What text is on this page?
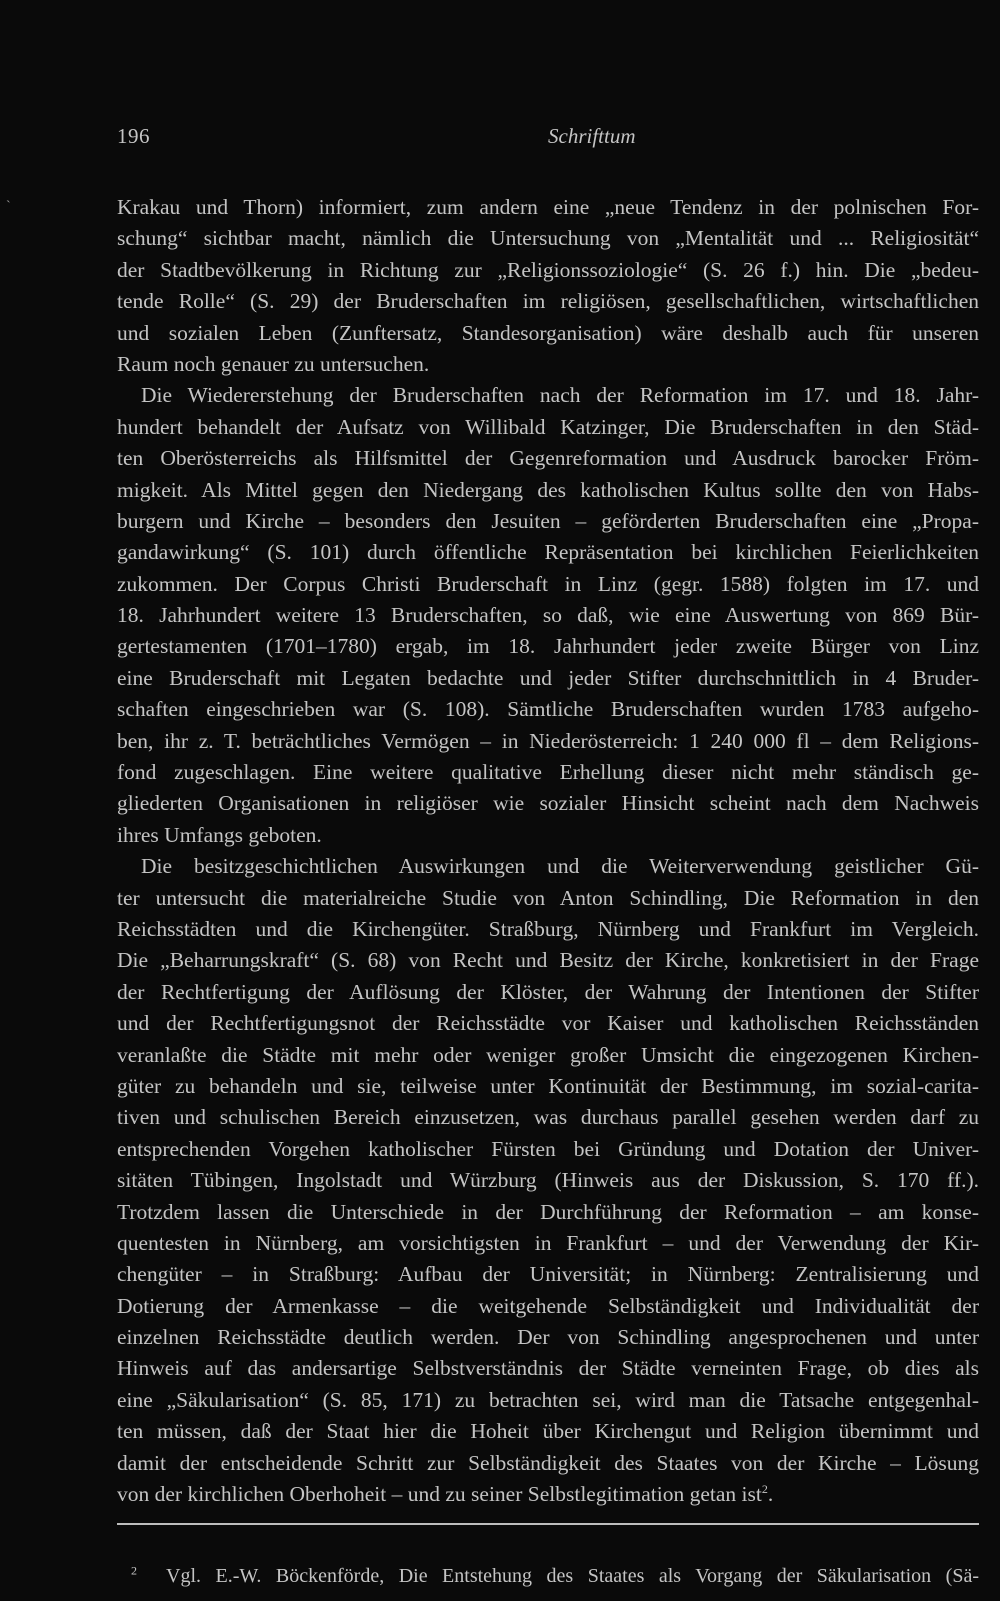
196	Schrifttum
`	Krakau und Thorn) informiert, zum andern eine „neue Tendenz in der polnischen For-
schung“ sichtbar macht, nämlich die Untersuchung von „Mentalität und ... Religiosität“
der Stadtbevölkerung in Richtung zur „Religionssoziologie“ (S. 26 f.) hin. Die „bedeu-
tende Rolle“ (S. 29) der Bruderschaften im religiösen, gesellschaftlichen, wirtschaftlichen
und sozialen Leben (Zunftersatz, Standesorganisation) wäre deshalb auch für unseren
Raum noch genauer zu untersuchen.
Die Wiedererstehung der Bruderschaften nach der Reformation im 17. und 18. Jahr-
hundert behandelt der Aufsatz von Willibald Katzinger, Die Bruderschaften in den Städ-
ten Oberösterreichs als Hilfsmittel der Gegenreformation und Ausdruck barocker Fröm-
migkeit. Als Mittel gegen den Niedergang des katholischen Kultus sollte den von Habs-
burgern und Kirche – besonders den Jesuiten – geförderten Bruderschaften eine „Propa-
gandawirkung“ (S. 101) durch öffentliche Repräsentation bei kirchlichen Feierlichkeiten
zukommen. Der Corpus Christi Bruderschaft in Linz (gegr. 1588) folgten im 17. und
18. Jahrhundert weitere 13 Bruderschaften, so daß, wie eine Auswertung von 869 Bür-
gertestamenten (1701–1780) ergab, im 18. Jahrhundert jeder zweite Bürger von Linz
eine Bruderschaft mit Legaten bedachte und jeder Stifter durchschnittlich in 4 Bruder-
schaften eingeschrieben war (S. 108). Sämtliche Bruderschaften wurden 1783 aufgeho-
ben, ihr z. T. beträchtliches Vermögen – in Niederösterreich: 1 240 000 fl – dem Religions-
fond zugeschlagen. Eine weitere qualitative Erhellung dieser nicht mehr ständisch ge-
gliederten Organisationen in religiöser wie sozialer Hinsicht scheint nach dem Nachweis
ihres Umfangs geboten.
Die besitzgeschichtlichen Auswirkungen und die Weiterverwendung geistlicher Gü-
ter untersucht die materialreiche Studie von Anton Schindling, Die Reformation in den
Reichsstädten und die Kirchengüter. Straßburg, Nürnberg und Frankfurt im Vergleich.
Die „Beharrungskraft“ (S. 68) von Recht und Besitz der Kirche, konkretisiert in der Frage
der Rechtfertigung der Auflösung der Klöster, der Wahrung der Intentionen der Stifter
und der Rechtfertigungsnot der Reichsstädte vor Kaiser und katholischen Reichsständen
veranlaßte die Städte mit mehr oder weniger großer Umsicht die eingezogenen Kirchen-
güter zu behandeln und sie, teilweise unter Kontinuität der Bestimmung, im sozial-carita-
tiven und schulischen Bereich einzusetzen, was durchaus parallel gesehen werden darf zu
entsprechenden Vorgehen katholischer Fürsten bei Gründung und Dotation der Univer-
sitäten Tübingen, Ingolstadt und Würzburg (Hinweis aus der Diskussion, S. 170 ff.).
Trotzdem lassen die Unterschiede in der Durchführung der Reformation – am konse-
quentesten in Nürnberg, am vorsichtigsten in Frankfurt – und der Verwendung der Kir-
chengüter – in Straßburg: Aufbau der Universität; in Nürnberg: Zentralisierung und
Dotierung der Armenkasse – die weitgehende Selbständigkeit und Individualität der
einzelnen Reichsstädte deutlich werden. Der von Schindling angesprochenen und unter
Hinweis auf das andersartige Selbstverständnis der Städte verneinten Frage, ob dies als
eine „Säkularisation“ (S. 85, 171) zu betrachten sei, wird man die Tatsache entgegenhal-
ten müssen, daß der Staat hier die Hoheit über Kirchengut und Religion übernimmt und
damit der entscheidende Schritt zur Selbständigkeit des Staates von der Kirche – Lösung
von der kirchlichen Oberhoheit – und zu seiner Selbstlegitimation getan ist$^2$.
$^2$ Vgl. E.-W. Böckenförde, Die Entstehung des Staates als Vorgang der Säkularisation (Sä-
